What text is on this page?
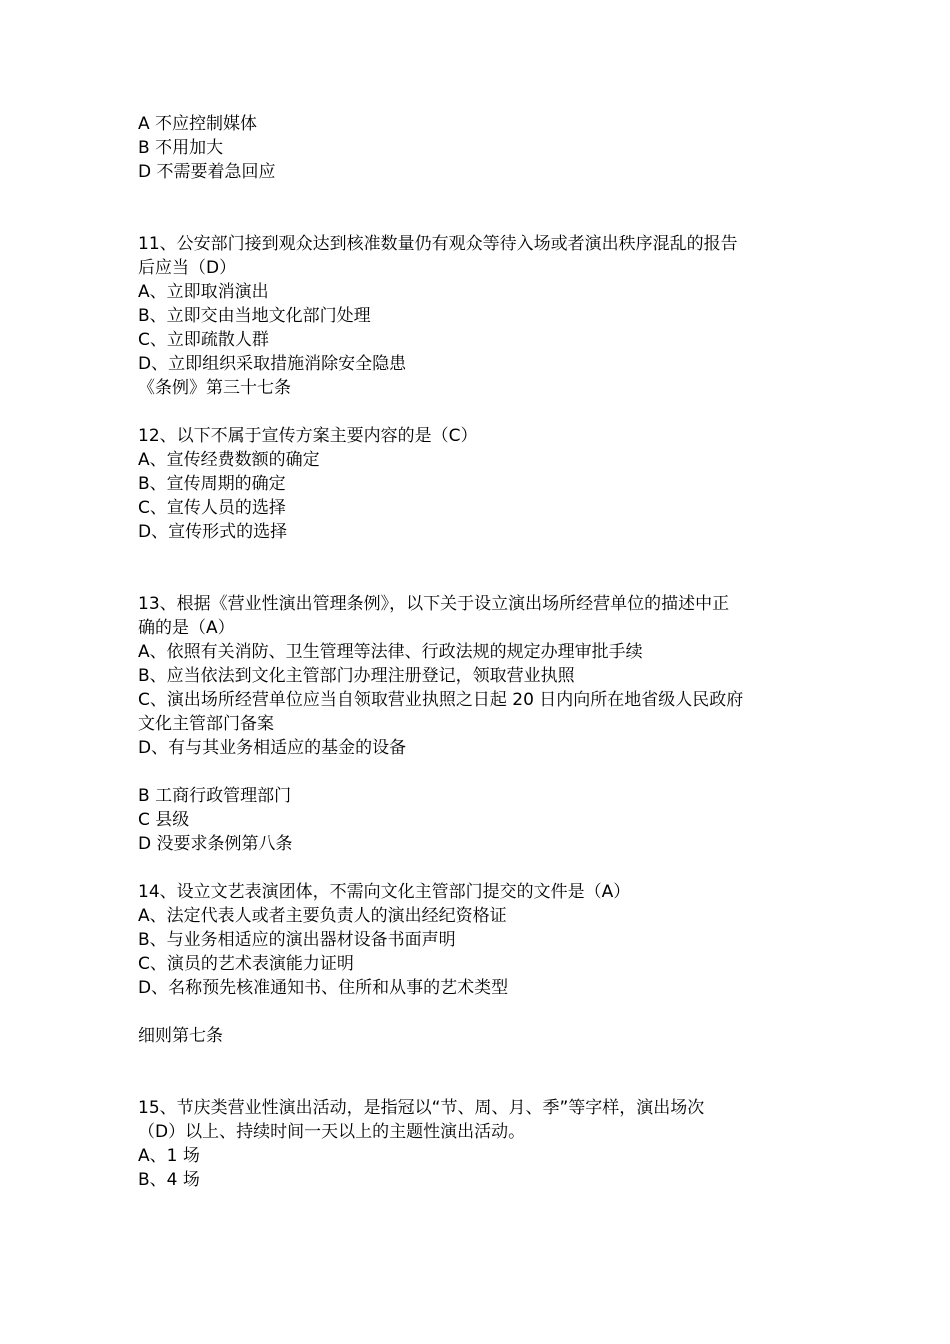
A 不应控制媒体
B 不用加大
D 不需要着急回应
11、公安部门接到观众达到核准数量仍有观众等待入场或者演出秩序混乱的报告
后应当（D）
A、立即取消演出
B、立即交由当地文化部门处理
C、立即疏散人群
D、立即组织采取措施消除安全隐患
《条例》第三十七条
12、以下不属于宣传方案主要内容的是（C）
A、宣传经费数额的确定
B、宣传周期的确定
C、宣传人员的选择
D、宣传形式的选择
13、根据《营业性演出管理条例》，以下关于设立演出场所经营单位的描述中正
确的是（A）
A、依照有关消防、卫生管理等法律、行政法规的规定办理审批手续
B、应当依法到文化主管部门办理注册登记，领取营业执照
C、演出场所经营单位应当自领取营业执照之日起 20 日内向所在地省级人民政府
文化主管部门备案
D、有与其业务相适应的基金的设备
B 工商行政管理部门
C 县级
D 没要求条例第八条
14、设立文艺表演团体，不需向文化主管部门提交的文件是（A）
A、法定代表人或者主要负责人的演出经纪资格证
B、与业务相适应的演出器材设备书面声明
C、演员的艺术表演能力证明
D、名称预先核准通知书、住所和从事的艺术类型
细则第七条
15、节庆类营业性演出活动，是指冠以“节、周、月、季”等字样，演出场次
（D）以上、持续时间一天以上的主题性演出活动。
A、1 场
B、4 场
